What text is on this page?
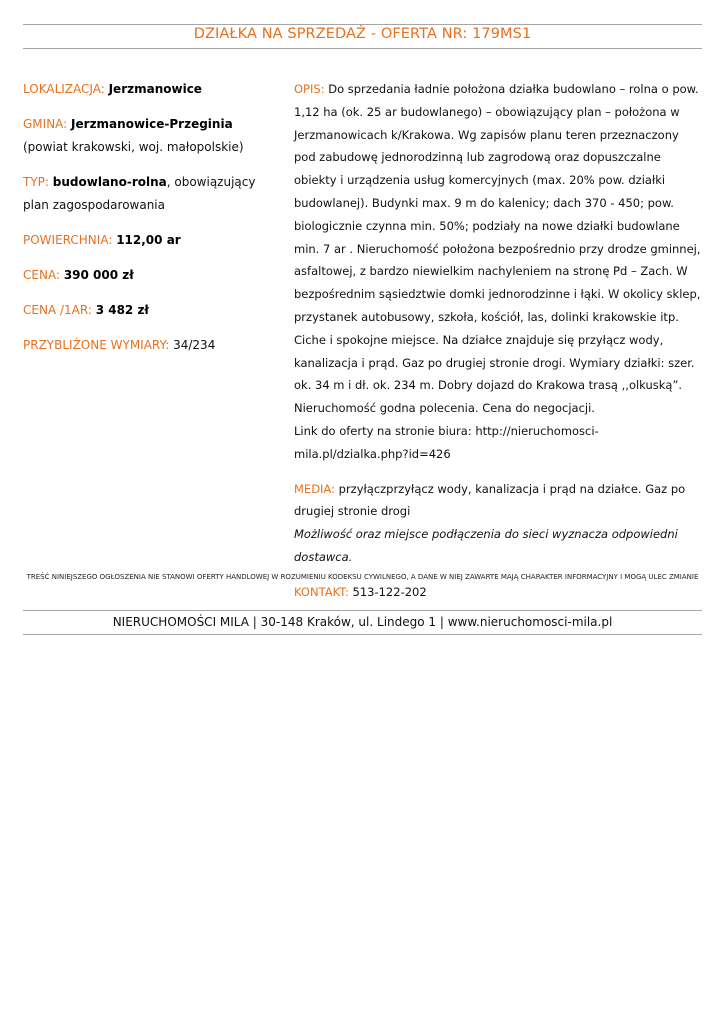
DZIAŁKA NA SPRZEDAŻ - OFERTA NR: 179MS1

LOKALIZACJA: Jerzmanowice

GMINA: Jerzmanowice-Przeginia

(powiat krakowski, woj. małopolskie)

TYP: budowlano-rolna, obowiązujący plan zagospodarowania

POWIERCHNIA: 112,00 ar

CENA: 390 000 zł

CENA /1AR: 3 482 zł

PRZYBLIŻONE WYMIARY: 34/234

OPIS: Do sprzedania ładnie położona działka budowlano – rolna o pow. 1,12 ha (ok. 25 ar budowlanego) – obowiązujący plan – położona w Jerzmanowicach k/Krakowa. Wg zapisów planu teren przeznaczony pod zabudowę jednorodzinną lub zagrodową oraz dopuszczalne obiekty i urządzenia usług komercyjnych (max. 20% pow. działki budowlanej). Budynki max. 9 m do kalenicy; dach 370 - 450; pow. biologicznie czynna min. 50%; podziały na nowe działki budowlane min. 7 ar . Nieruchomość położona bezpośrednio przy drodze gminnej, asfaltowej, z bardzo niewielkim nachyleniem na stronę Pd – Zach. W bezpośrednim sąsiedztwie domki jednorodzinne i łąki. W okolicy sklep, przystanek autobusowy, szkoła, kościół, las, dolinki krakowskie itp. Ciche i spokojne miejsce. Na działce znajduje się przyłącz wody, kanalizacja i prąd. Gaz po drugiej stronie drogi. Wymiary działki: szer. ok. 34 m i dł. ok. 234 m. Dobry dojazd do Krakowa trasą ,,olkuską”. Nieruchomość godna polecenia. Cena do negocjacji.

Link do oferty na stronie biura: http://nieruchomosci-mila.pl/dzialka.php?id=426

MEDIA: przyłączprzyłącz wody, kanalizacja i prąd na działce. Gaz po drugiej stronie drogi

Możliwość oraz miejsce podłączenia do sieci wyznacza odpowiedni dostawca.

KONTAKT: 513-122-202

TREŚĆ NINIEJSZEGO OGŁOSZENIA NIE STANOWI OFERTY HANDLOWEJ W ROZUMIENIU KODEKSU CYWILNEGO, A DANE W NIEJ ZAWARTE MAJĄ CHARAKTER INFORMACYJNY I MOGĄ ULEC ZMIANIE
NIERUCHOMOŚCI MILA | 30-148 Kraków, ul. Lindego 1 | www.nieruchomosci-mila.pl
